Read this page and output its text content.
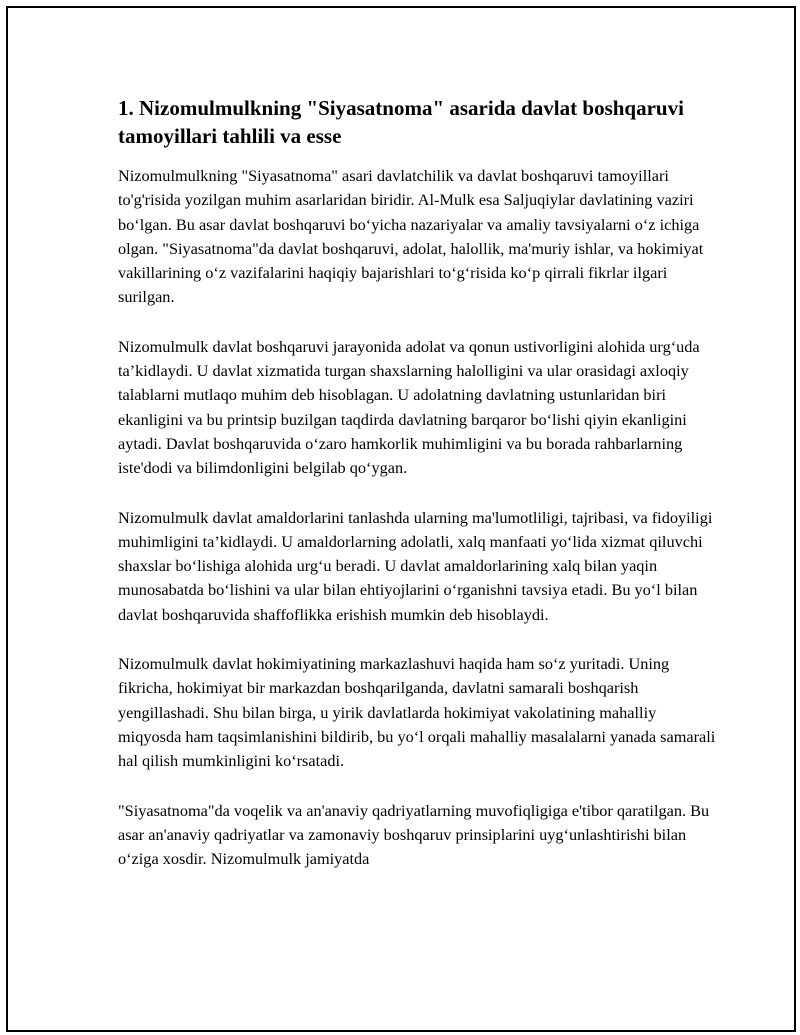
1. Nizomulmulkning "Siyasatnoma" asarida davlat boshqaruvi tamoyillari tahlili va esse

Nizomulmulkning "Siyasatnoma" asari davlatchilik va davlat boshqaruvi tamoyillari to'g'risida yozilgan muhim asarlaridan biridir. Al-Mulk esa Saljuqiylar davlatining vaziri bo‘lgan. Bu asar davlat boshqaruvi bo‘yicha nazariyalar va amaliy tavsiyalarni o‘z ichiga olgan. "Siyasatnoma"da davlat boshqaruvi, adolat, halollik, ma'muriy ishlar, va hokimiyat vakillarining o‘z vazifalarini haqiqiy bajarishlari to‘g‘risida ko‘p qirrali fikrlar ilgari surilgan.

Nizomulmulk davlat boshqaruvi jarayonida adolat va qonun ustivorligini alohida urg‘uda ta’kidlaydi. U davlat xizmatida turgan shaxslarning halolligini va ular orasidagi axloqiy talablarni mutlaqo muhim deb hisoblagan. U adolatning davlatning ustunlaridan biri ekanligini va bu printsip buzilgan taqdirda davlatning barqaror bo‘lishi qiyin ekanligini aytadi. Davlat boshqaruvida o‘zaro hamkorlik muhimligini va bu borada rahbarlarning iste'dodi va bilimdonligini belgilab qo‘ygan.

Nizomulmulk davlat amaldorlarini tanlashda ularning ma'lumotliligi, tajribasi, va fidoyiligi muhimligini ta’kidlaydi. U amaldorlarning adolatli, xalq manfaati yo‘lida xizmat qiluvchi shaxslar bo‘lishiga alohida urg‘u beradi. U davlat amaldorlarining xalq bilan yaqin munosabatda bo‘lishini va ular bilan ehtiyojlarini o‘rganishni tavsiya etadi. Bu yo‘l bilan davlat boshqaruvida shaffoflikka erishish mumkin deb hisoblaydi.

Nizomulmulk davlat hokimiyatining markazlashuvi haqida ham so‘z yuritadi. Uning fikricha, hokimiyat bir markazdan boshqarilganda, davlatni samarali boshqarish yengillashadi. Shu bilan birga, u yirik davlatlarda hokimiyat vakolatining mahalliy miqyosda ham taqsimlanishini bildirib, bu yo‘l orqali mahalliy masalalarni yanada samarali hal qilish mumkinligini ko‘rsatadi.

"Siyasatnoma"da voqelik va an'anaviy qadriyatlarning muvofiqligiga e'tibor qaratilgan. Bu asar an'anaviy qadriyatlar va zamonaviy boshqaruv prinsiplarini uyg‘unlashtirishi bilan o‘ziga xosdir. Nizomulmulk jamiyatda
